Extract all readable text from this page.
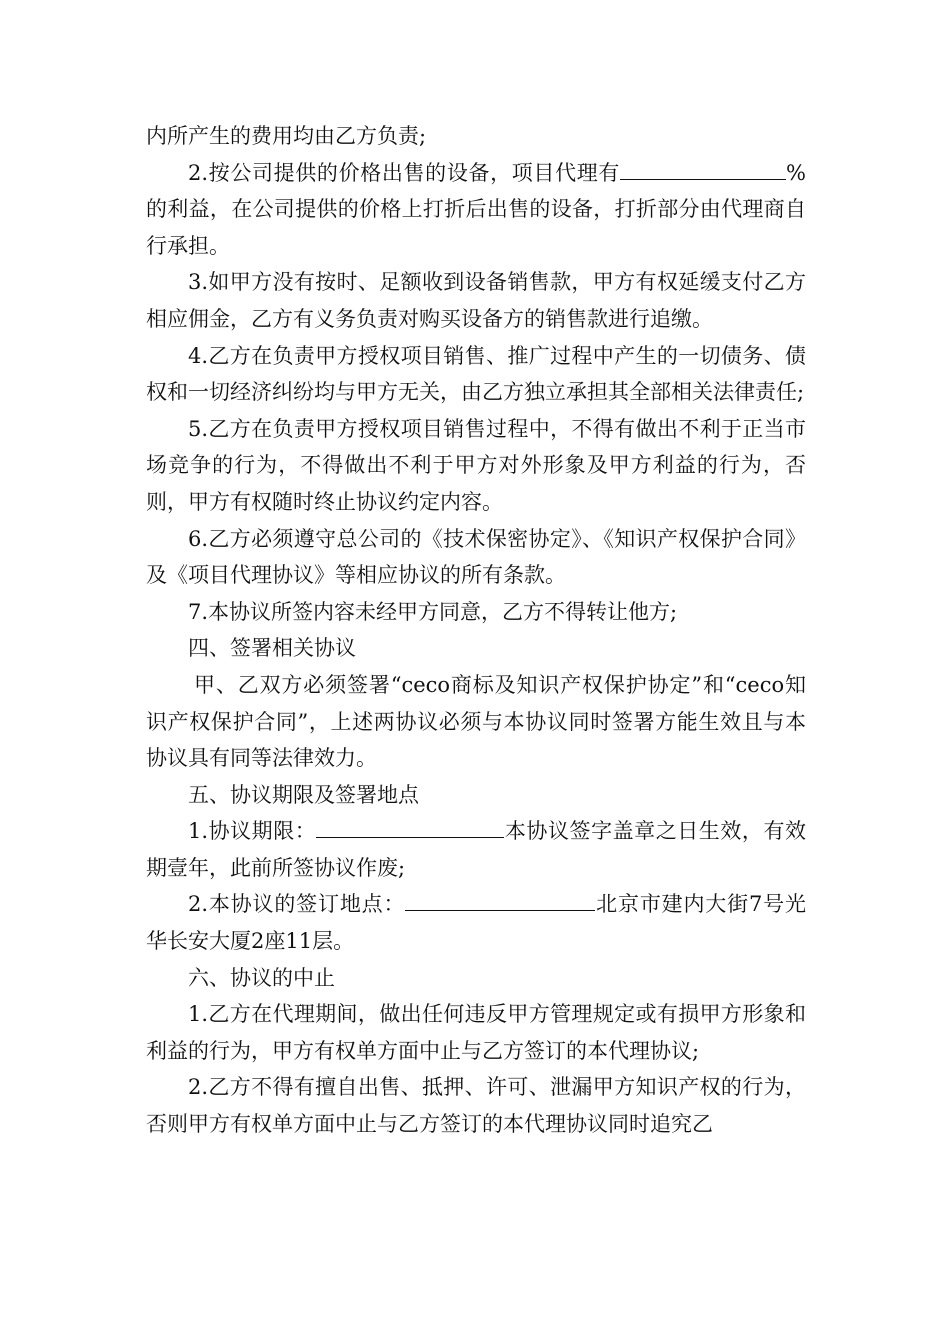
内所产生的费用均由乙方负责;

2.按公司提供的价格出售的设备，项目代理有	%的利益，在公司提供的价格上打折后出售的设备，打折部分由代理商自行承担。

3.如甲方没有按时、足额收到设备销售款，甲方有权延缓支付乙方相应佣金，乙方有义务负责对购买设备方的销售款进行追缴。

4.乙方在负责甲方授权项目销售、推广过程中产生的一切债务、债权和一切经济纠纷均与甲方无关，由乙方独立承担其全部相关法律责任;

5.乙方在负责甲方授权项目销售过程中，不得有做出不利于正当市场竞争的行为，不得做出不利于甲方对外形象及甲方利益的行为，否则，甲方有权随时终止协议约定内容。

6.乙方必须遵守总公司的《技术保密协定》、《知识产权保护合同》及《项目代理协议》等相应协议的所有条款。

7.本协议所签内容未经甲方同意，乙方不得转让他方;

四、签署相关协议

甲、乙双方必须签署“ceco商标及知识产权保护协定”和“ceco知识产权保护合同”，上述两协议必须与本协议同时签署方能生效且与本协议具有同等法律效力。

五、协议期限及签署地点

1.协议期限：	本协议签字盖章之日生效，有效期壹年，此前所签协议作废;

2.本协议的签订地点：	北京市建内大街7号光华长安大厦2座11层。

六、协议的中止

1.乙方在代理期间，做出任何违反甲方管理规定或有损甲方形象和利益的行为，甲方有权单方面中止与乙方签订的本代理协议;

2.乙方不得有擅自出售、抵押、许可、泄漏甲方知识产权的行为，否则甲方有权单方面中止与乙方签订的本代理协议同时追究乙
